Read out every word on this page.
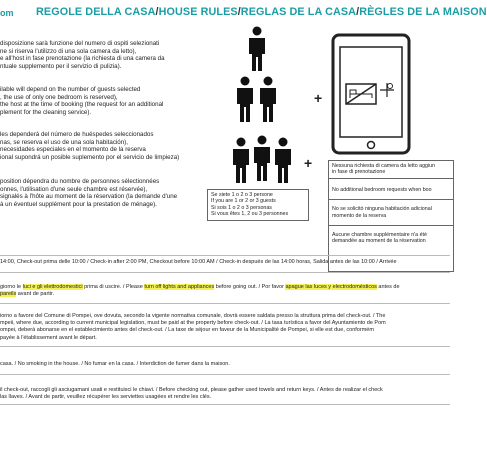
om REGOLE DELLA CASA/HOUSE RULES/REGLAS DE LA CASA/RÈGLES DE LA MAISON
disposizione sarà funzione del numero di ospiti selezionati
ne si riserva l'utilizzo di una sola camera da letto),
e all'host in fase prenotazione (la richiesta di una camera da
ntuale supplemento per il servizio di pulizia).
ilable will depend on the number of guests selected
, the use of only one bedroom is reserved),
the host at the time of booking (the request for an additional
plement for the cleaning service).
les dependerá del número de huéspedes seleccionados
nas, se reserva el uso de una sola habitación),
necesidades especiales en el momento de la reserva
ional supondrá un posible suplemento por el servicio de limpieza)
position dépendra du nombre de personnes sélectionnées
onnes, l'utilisation d'une seule chambre est réservée),
signalés à l'hôte au moment de la réservation (la demande d'une
à un éventuel supplément pour la prestation de ménage).
+
+
Se siete 1 o 2 o 3 persone
If you are 1 or 2 or 3 guests
Si sois 1 o 2 o 3 personas
Si vous êtes 1, 2 ou 3 personnes
Nessuna richiesta di camera da letto aggiun
in fase di prenotazione
No additional bedroom requests when boo
No se solicitó ninguna habitación adicional
momento de la reserva
Aucune chambre supplémentaire n'a été
demandée au moment de la réservation
14:00, Check-out prima delle 10:00 / Check-in after 2:00 PM, Checkout before 10:00 AM / Check-in después de las 14:00 horas, Salida antes de las 10:00 / Arrivée
giorno le luci e gli elettrodomestici prima di uscire. / Please turn off lights and appliances before going out. / Por favor apague las luces y electrodomésticos antes de
pareils avant de partir.
iorno a favore del Comune di Pompei, ove dovuta, secondo la vigente normativa comunale, dovrà essere saldata presso la struttura prima del check-out. / The
mpeii, where due, according to current municipal legislation, must be paid at the property before check-out. / La tasa turística a favor del Ayuntamiento de Pom
ompei, deberá abonarse en el establecimiento antes del check-out. / La taxe de séjour en faveur de la Municipalité de Pompei, si elle est due, conformém
payée à l'établissement avant le départ.
casa. / No smoking in the house. / No fumar en la casa. / Interdiction de fumer dans la maison.
il check-out, raccogli gli asciugamani usati e restituisci le chiavi. / Before checking out, please gather used towels and return keys. / Antes de realizar el check
las llaves. / Avant de partir, veuillez récupérer les serviettes usagées et rendre les clés.
